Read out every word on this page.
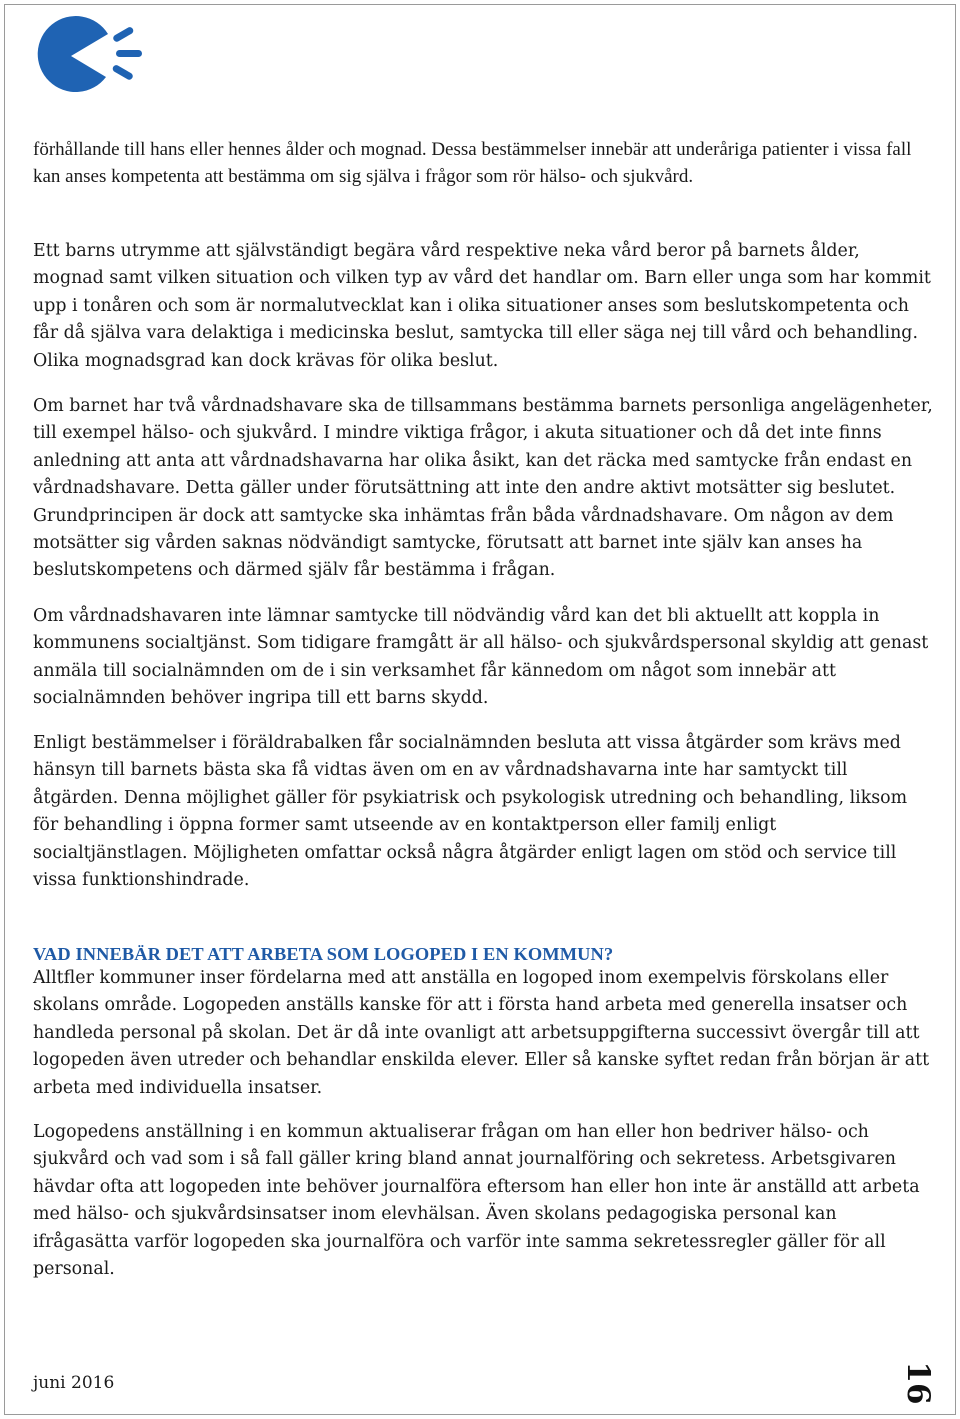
förhållande till hans eller hennes ålder och mognad. Dessa bestämmelser innebär att underåriga patienter i vissa fall kan anses kompetenta att bestämma om sig själva i frågor som rör hälso- och sjukvård.

Ett barns utrymme att självständigt begära vård respektive neka vård beror på barnets ålder, mognad samt vilken situation och vilken typ av vård det handlar om. Barn eller unga som har kommit upp i tonåren och som är normalutvecklat kan i olika situationer anses som beslutskompetenta och får då själva vara delaktiga i medicinska beslut, samtycka till eller säga nej till vård och behandling. Olika mognadsgrad kan dock krävas för olika beslut.

Om barnet har två vårdnadshavare ska de tillsammans bestämma barnets personliga angelägenheter, till exempel hälso- och sjukvård. I mindre viktiga frågor, i akuta situationer och då det inte finns anledning att anta att vårdnadshavarna har olika åsikt, kan det räcka med samtycke från endast en vårdnadshavare. Detta gäller under förutsättning att inte den andre aktivt motsätter sig beslutet. Grundprincipen är dock att samtycke ska inhämtas från båda vårdnadshavare. Om någon av dem motsätter sig vården saknas nödvändigt samtycke, förutsatt att barnet inte själv kan anses ha beslutskompetens och därmed själv får bestämma i frågan.

Om vårdnadshavaren inte lämnar samtycke till nödvändig vård kan det bli aktuellt att koppla in kommunens socialtjänst. Som tidigare framgått är all hälso- och sjukvårdspersonal skyldig att genast anmäla till socialnämnden om de i sin verksamhet får kännedom om något som innebär att socialnämnden behöver ingripa till ett barns skydd.

Enligt bestämmelser i föräldrabalken får socialnämnden besluta att vissa åtgärder som krävs med hänsyn till barnets bästa ska få vidtas även om en av vårdnadshavarna inte har samtyckt till åtgärden. Denna möjlighet gäller för psykiatrisk och psykologisk utredning och behandling, liksom för behandling i öppna former samt utseende av en kontaktperson eller familj enligt socialtjänstlagen. Möjligheten omfattar också några åtgärder enligt lagen om stöd och service till vissa funktionshindrade.

VAD INNEBÄR DET ATT ARBETA SOM LOGOPED I EN KOMMUN?

Alltfler kommuner inser fördelarna med att anställa en logoped inom exempelvis förskolans eller skolans område. Logopeden anställs kanske för att i första hand arbeta med generella insatser och handleda personal på skolan. Det är då inte ovanligt att arbetsuppgifterna successivt övergår till att logopeden även utreder och behandlar enskilda elever. Eller så kanske syftet redan från början är att arbeta med individuella insatser.

Logopedens anställning i en kommun aktualiserar frågan om han eller hon bedriver hälso- och sjukvård och vad som i så fall gäller kring bland annat journalföring och sekretess. Arbetsgivaren hävdar ofta att logopeden inte behöver journalföra eftersom han eller hon inte är anställd att arbeta med hälso- och sjukvårdsinsatser inom elevhälsan. Även skolans pedagogiska personal kan ifrågasätta varför logopeden ska journalföra och varför inte samma sekretessregler gäller för all personal.

juni 2016	16
